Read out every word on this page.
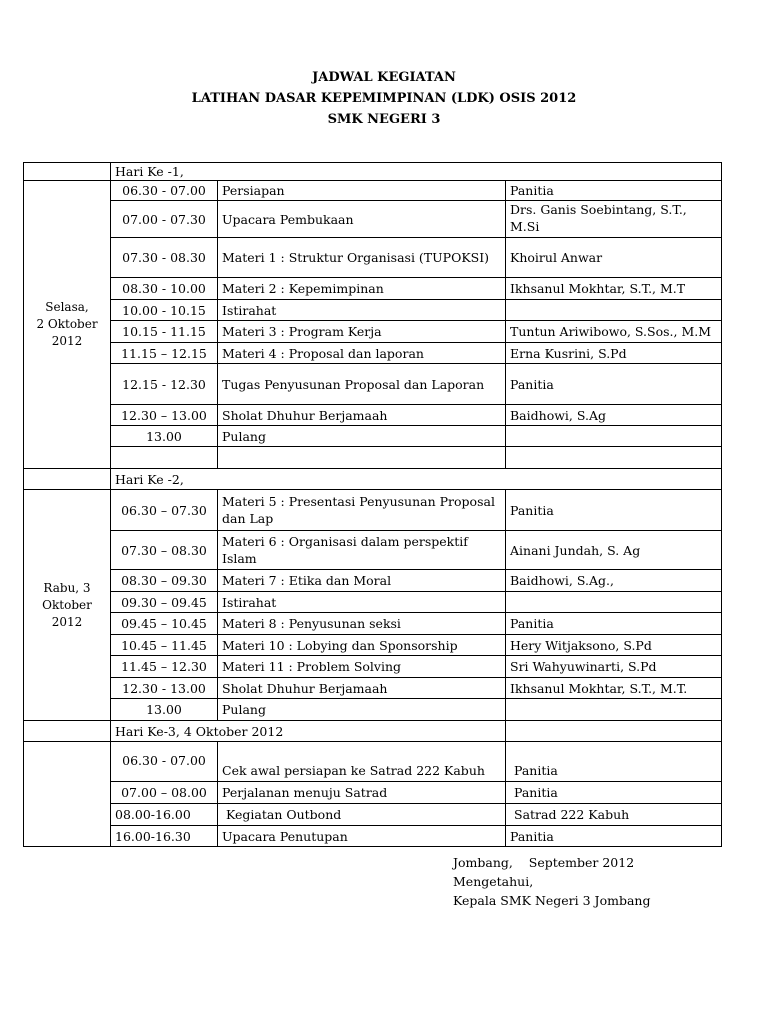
JADWAL KEGIATAN
LATIHAN DASAR KEPEMIMPINAN (LDK) OSIS 2012
SMK NEGERI 3
	Hari Ke -1,		

Selasa,
2 Oktober
2012	06.30 - 07.00	Persiapan	Panitia
	07.00 - 07.30	Upacara Pembukaan	Drs. Ganis Soebintang, S.T., M.Si
	07.30 - 08.30	Materi 1 : Struktur Organisasi (TUPOKSI)	Khoirul Anwar
	08.30 - 10.00	Materi 2 : Kepemimpinan	Ikhsanul Mokhtar, S.T., M.T
	10.00 - 10.15	Istirahat	
	10.15 - 11.15	Materi 3 : Program Kerja	Tuntun Ariwibowo, S.Sos., M.M
	11.15 – 12.15	Materi 4 : Proposal dan laporan	Erna Kusrini, S.Pd
	12.15 - 12.30	Tugas Penyusunan Proposal dan Laporan	Panitia
	12.30 – 13.00	Sholat Dhuhur Berjamaah	Baidhowi, S.Ag
	13.00	Pulang	

	Hari Ke -2,		

Rabu, 3
Oktober 2012	06.30 – 07.30	Materi 5 : Presentasi Penyusunan Proposal dan Lap	Panitia
	07.30 – 08.30	Materi 6 : Organisasi dalam perspektif Islam	Ainani Jundah, S. Ag
	08.30 – 09.30	Materi 7 : Etika dan Moral	Baidhowi, S.Ag.,
	09.30 – 09.45	Istirahat	
	09.45 – 10.45	Materi 8 : Penyusunan seksi	Panitia
	10.45 – 11.45	Materi 10 : Lobying dan Sponsorship	Hery Witjaksono, S.Pd
	11.45 – 12.30	Materi 11 : Problem Solving	Sri Wahyuwinarti, S.Pd
	12.30 - 13.00	Sholat Dhuhur Berjamaah	Ikhsanul Mokhtar, S.T., M.T.
	13.00	Pulang	
	Hari Ke-3, 4 Oktober 2012		
	06.30 - 07.00	Cek awal persiapan ke Satrad 222 Kabuh	Panitia
	07.00 – 08.00	Perjalanan menuju Satrad	Panitia
	08.00-16.00	Kegiatan Outbond	Satrad 222 Kabuh
	16.00-16.30	Upacara Penutupan	Panitia
Jombang,    September 2012
Mengetahui,
Kepala SMK Negeri 3 Jombang
